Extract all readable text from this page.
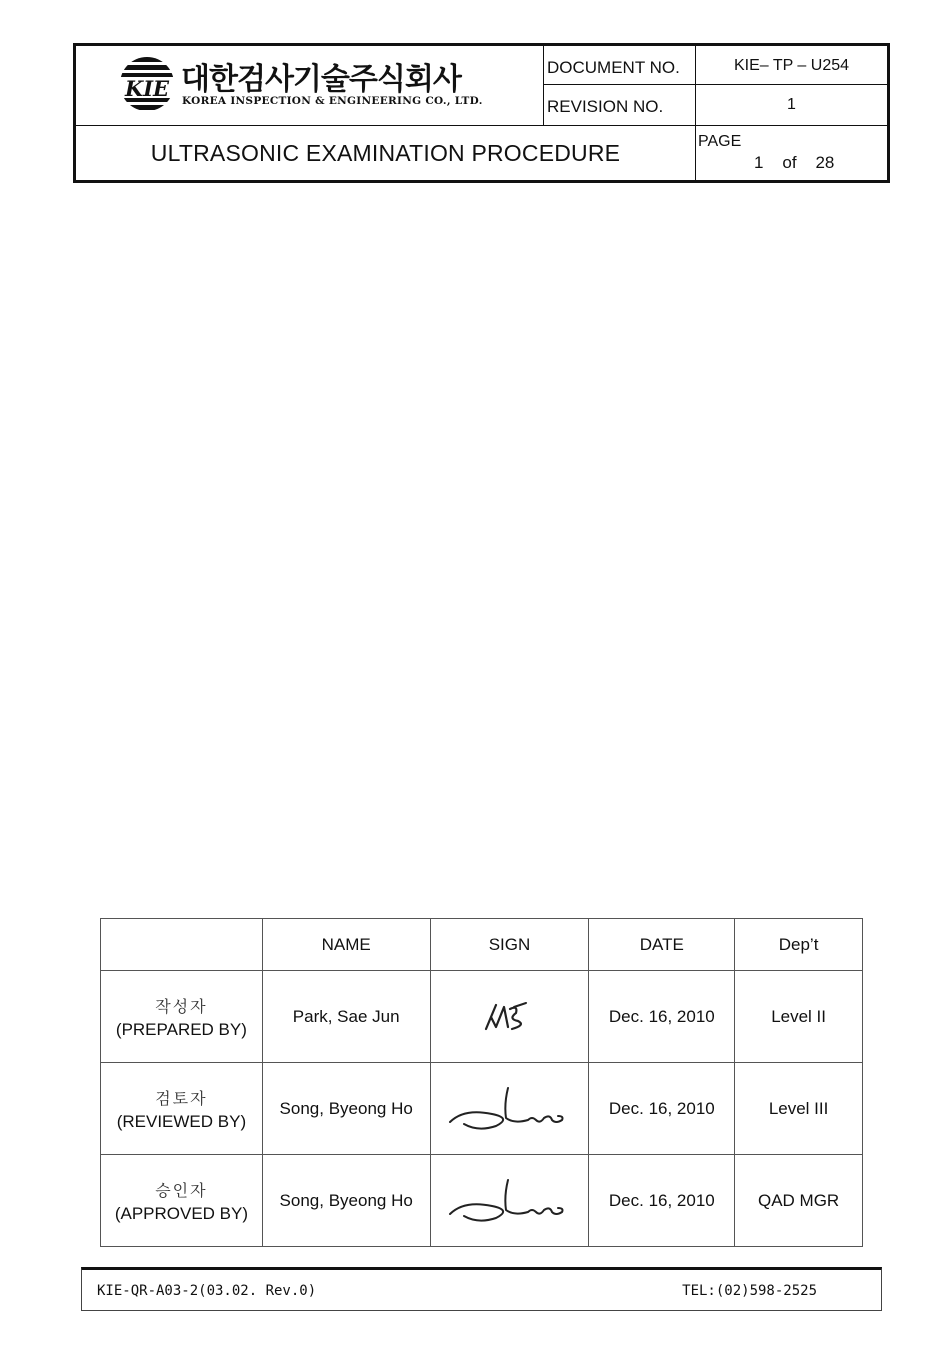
KIE 대한검사기술주식회사
KOREA INSPECTION & ENGINEERING CO., LTD.
DOCUMENT NO.	KIE– TP – U254
REVISION NO.	1
ULTRASONIC EXAMINATION PROCEDURE	PAGE
1 of 28
	NAME	SIGN	DATE	Dep’t

작성자
(PREPARED BY)	Park, Sae Jun		Dec. 16, 2010	Level II

검토자
(REVIEWED BY)	Song, Byeong Ho		Dec. 16, 2010	Level III

승인자
(APPROVED BY)	Song, Byeong Ho		Dec. 16, 2010	QAD MGR
KIE-QR-A03-2(03.02. Rev.0)	TEL:(02)598-2525
